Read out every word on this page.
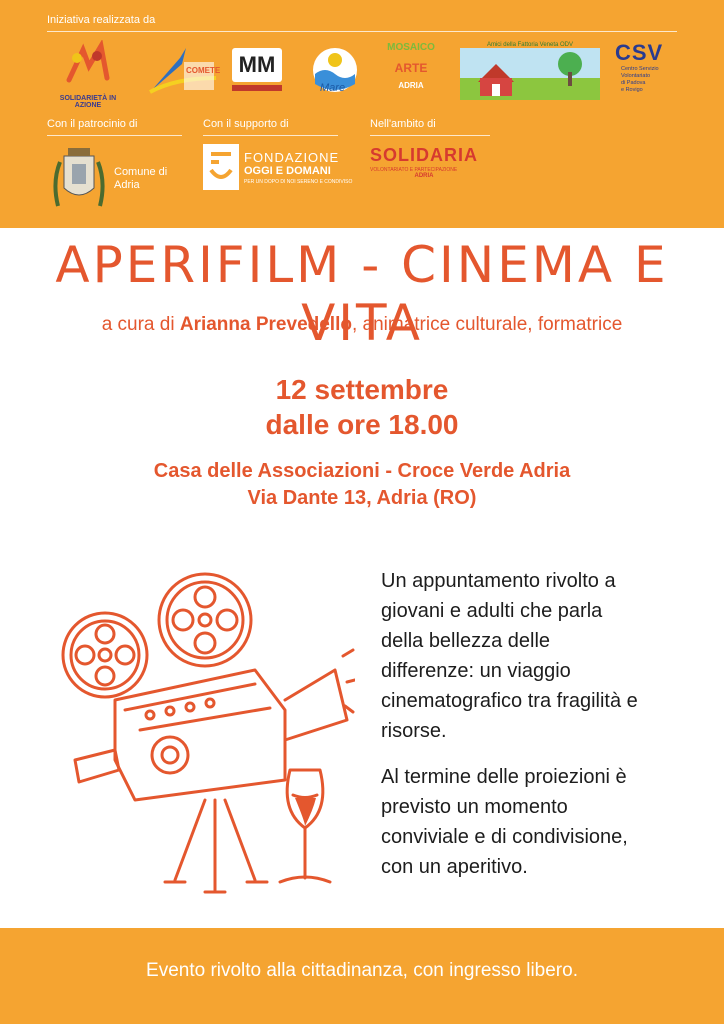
Iniziativa realizzata da
SOLIDARIETÀ IN AZIONE
COMETE MM
Mare
MOSAICO
ARTE
ADRIA
Amici della Fattoria Veneta ODV	CSV
Centro Servizio
Volontariato
di Padova
e Rovigo
Con il patrocinio di	Con il supporto di	Nell'ambito di
Comune di
Adria
FONDAZIONE
OGGI E DOMANI
PER UN DOPO DI NOI SERENO E CONDIVISO
SOLIDARIA
VOLONTARIATO E PARTECIPAZIONE
ADRIA
APERIFILM - CINEMA E VITA
a cura di Arianna Prevedello, animatrice culturale, formatrice
12 settembre
dalle ore 18.00
Casa delle Associazioni - Croce Verde Adria
Via Dante 13, Adria (RO)
Un appuntamento rivolto a
giovani e adulti che parla
della bellezza delle
differenze: un viaggio
cinematografico tra fragilità e
risorse.
Al termine delle proiezioni è
previsto un momento
conviviale e di condivisione,
con un aperitivo.
Evento rivolto alla cittadinanza, con ingresso libero.
